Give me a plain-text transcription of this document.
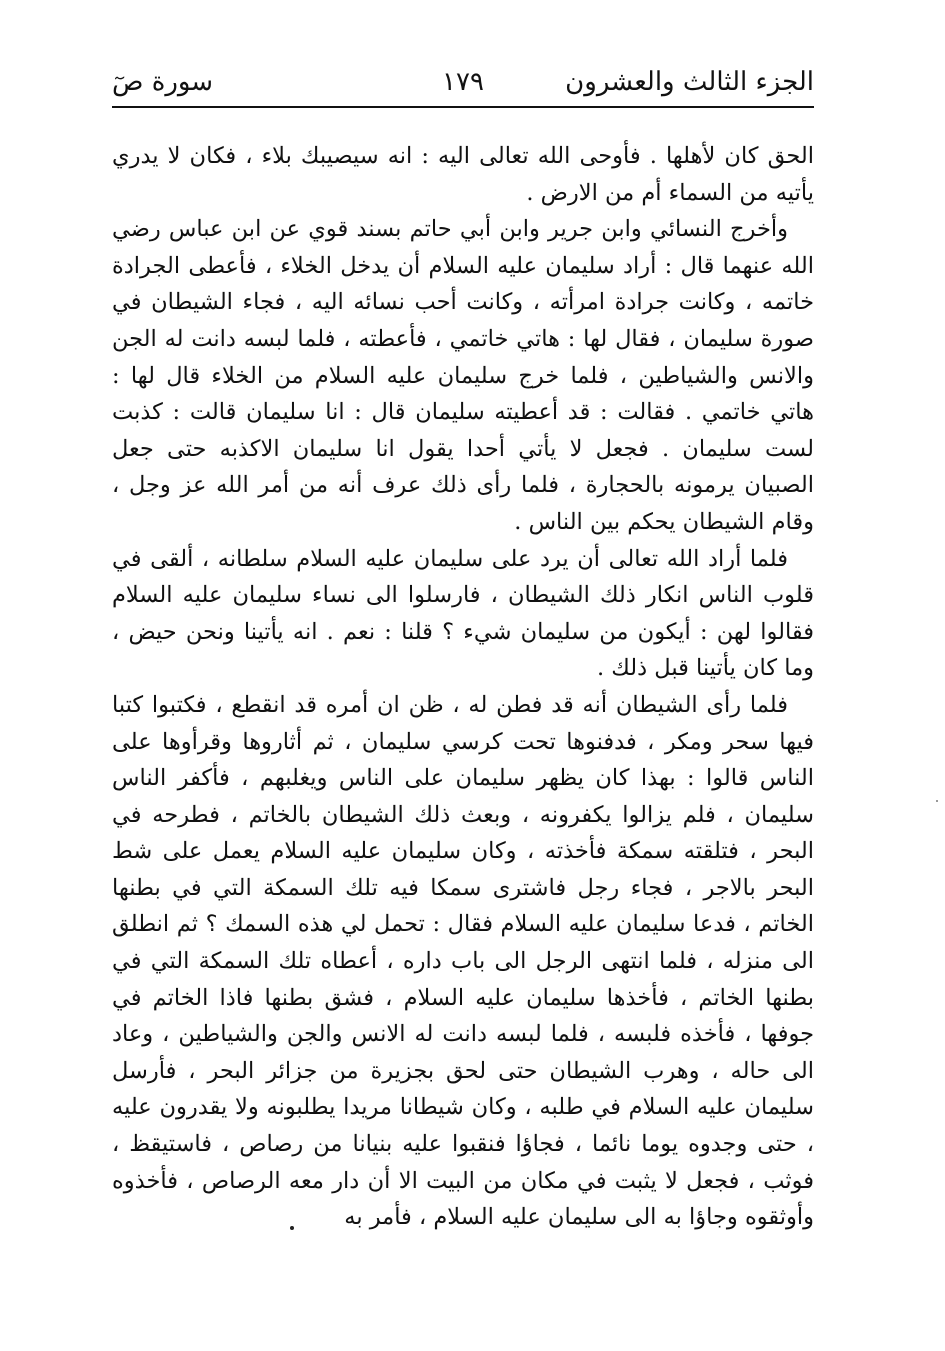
الجزء الثالث والعشرون
١٧٩
سورة صٓ

الحق كان لأهلها . فأوحى الله تعالى اليه : انه سيصيبك بلاء ، فكان لا يدري يأتيه من السماء أم من الارض .

وأخرج النسائي وابن جرير وابن أبي حاتم بسند قوي عن ابن عباس رضي الله عنهما قال : أراد سليمان عليه السلام أن يدخل الخلاء ، فأعطى الجرادة خاتمه ، وكانت جرادة امرأته ، وكانت أحب نسائه اليه ، فجاء الشيطان في صورة سليمان ، فقال لها : هاتي خاتمي ، فأعطته ، فلما لبسه دانت له الجن والانس والشياطين ، فلما خرج سليمان عليه السلام من الخلاء قال لها : هاتي خاتمي . فقالت : قد أعطيته سليمان قال : انا سليمان قالت : كذبت لست سليمان . فجعل لا يأتي أحدا يقول انا سليمان الاكذبه حتى جعل الصبيان يرمونه بالحجارة ، فلما رأى ذلك عرف أنه من أمر الله عز وجل ، وقام الشيطان يحكم بين الناس .

فلما أراد الله تعالى أن يرد على سليمان عليه السلام سلطانه ، ألقى في قلوب الناس انكار ذلك الشيطان ، فارسلوا الى نساء سليمان عليه السلام فقالوا لهن : أيكون من سليمان شيء ؟ قلنا : نعم . انه يأتينا ونحن حيض ، وما كان يأتينا قبل ذلك .

فلما رأى الشيطان أنه قد فطن له ، ظن ان أمره قد انقطع ، فكتبوا كتبا فيها سحر ومكر ، فدفنوها تحت كرسي سليمان ، ثم أثاروها وقرأوها على الناس قالوا : بهذا كان يظهر سليمان على الناس ويغلبهم ، فأكفر الناس سليمان ، فلم يزالوا يكفرونه ، وبعث ذلك الشيطان بالخاتم ، فطرحه في البحر ، فتلقته سمكة فأخذته ، وكان سليمان عليه السلام يعمل على شط البحر بالاجر ، فجاء رجل فاشترى سمكا فيه تلك السمكة التي في بطنها الخاتم ، فدعا سليمان عليه السلام فقال : تحمل لي هذه السمك ؟ ثم انطلق الى منزله ، فلما انتهى الرجل الى باب داره ، أعطاه تلك السمكة التي في بطنها الخاتم ، فأخذها سليمان عليه السلام ، فشق بطنها فاذا الخاتم في جوفها ، فأخذه فلبسه ، فلما لبسه دانت له الانس والجن والشياطين ، وعاد الى حاله ، وهرب الشيطان حتى لحق بجزيرة من جزائر البحر ، فأرسل سليمان عليه السلام في طلبه ، وكان شيطانا مريدا يطلبونه ولا يقدرون عليه ، حتى وجدوه يوما نائما ، فجاؤا فنقبوا عليه بنيانا من رصاص ، فاستيقظ ، فوثب ، فجعل لا يثبت في مكان من البيت الا أن دار معه الرصاص ، فأخذوه وأوثقوه وجاؤا به الى سليمان عليه السلام ، فأمر به
